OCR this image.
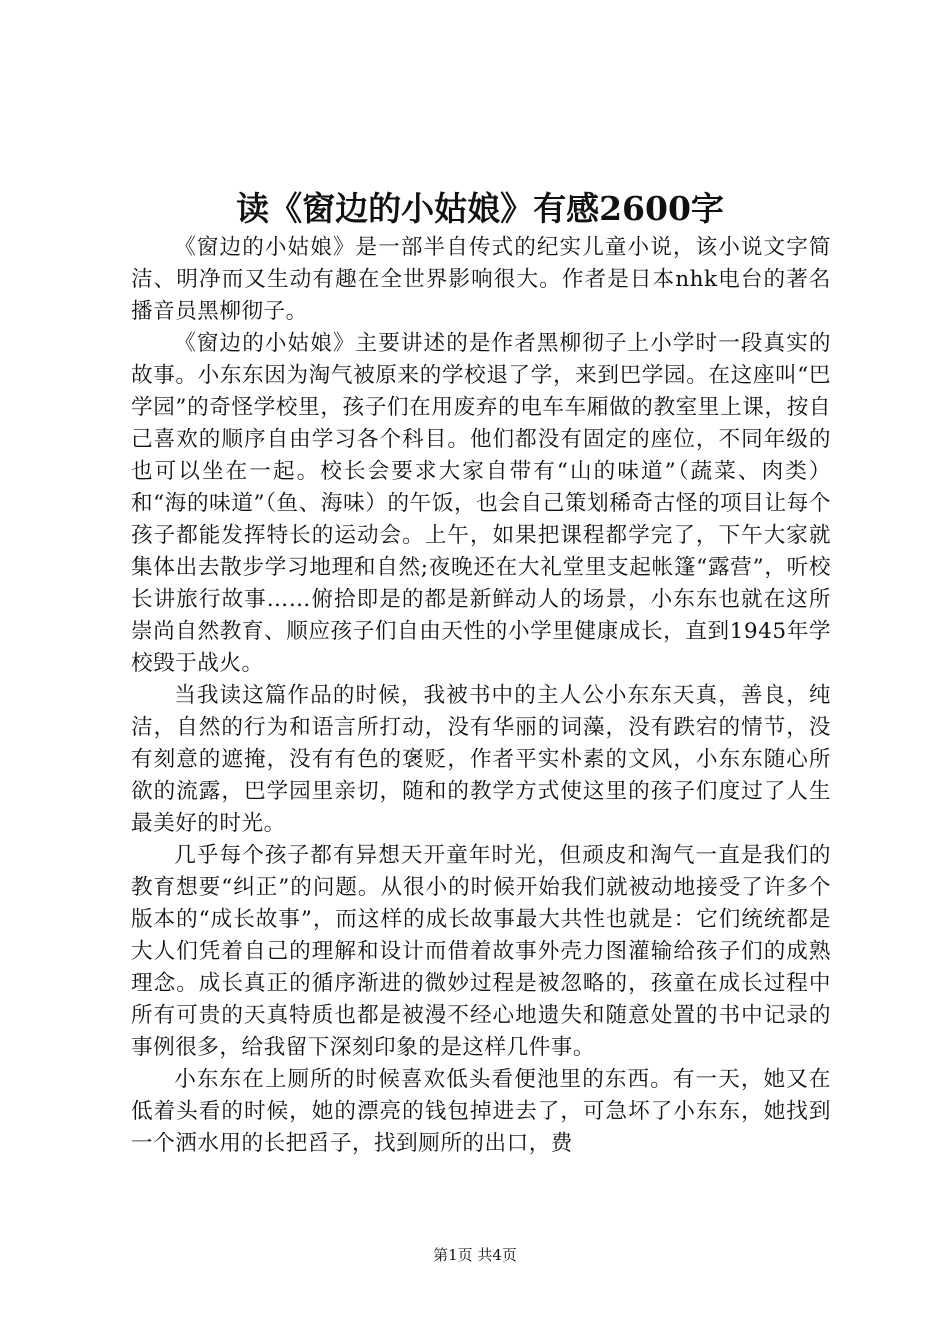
读《窗边的小姑娘》有感2600字

《窗边的小姑娘》是一部半自传式的纪实儿童小说，该小说文字简洁、明净而又生动有趣在全世界影响很大。作者是日本nhk电台的著名播音员黑柳彻子。

《窗边的小姑娘》主要讲述的是作者黑柳彻子上小学时一段真实的故事。小东东因为淘气被原来的学校退了学，来到巴学园。在这座叫“巴学园”的奇怪学校里，孩子们在用废弃的电车车厢做的教室里上课，按自己喜欢的顺序自由学习各个科目。他们都没有固定的座位，不同年级的也可以坐在一起。校长会要求大家自带有“山的味道”（蔬菜、肉类）和“海的味道”（鱼、海味）的午饭，也会自己策划稀奇古怪的项目让每个孩子都能发挥特长的运动会。上午，如果把课程都学完了，下午大家就集体出去散步学习地理和自然;夜晚还在大礼堂里支起帐篷“露营”，听校长讲旅行故事……俯拾即是的都是新鲜动人的场景，小东东也就在这所崇尚自然教育、顺应孩子们自由天性的小学里健康成长，直到1945年学校毁于战火。

当我读这篇作品的时候，我被书中的主人公小东东天真，善良，纯洁，自然的行为和语言所打动，没有华丽的词藻，没有跌宕的情节，没有刻意的遮掩，没有有色的褒贬，作者平实朴素的文风，小东东随心所欲的流露，巴学园里亲切，随和的教学方式使这里的孩子们度过了人生最美好的时光。

几乎每个孩子都有异想天开童年时光，但顽皮和淘气一直是我们的教育想要“纠正”的问题。从很小的时候开始我们就被动地接受了许多个版本的“成长故事”，而这样的成长故事最大共性也就是：它们统统都是大人们凭着自己的理解和设计而借着故事外壳力图灌输给孩子们的成熟理念。成长真正的循序渐进的微妙过程是被忽略的，孩童在成长过程中所有可贵的天真特质也都是被漫不经心地遗失和随意处置的书中记录的事例很多，给我留下深刻印象的是这样几件事。

小东东在上厕所的时候喜欢低头看便池里的东西。有一天，她又在低着头看的时候，她的漂亮的钱包掉进去了，可急坏了小东东，她找到一个洒水用的长把舀子，找到厕所的出口，费

第1页 共4页
